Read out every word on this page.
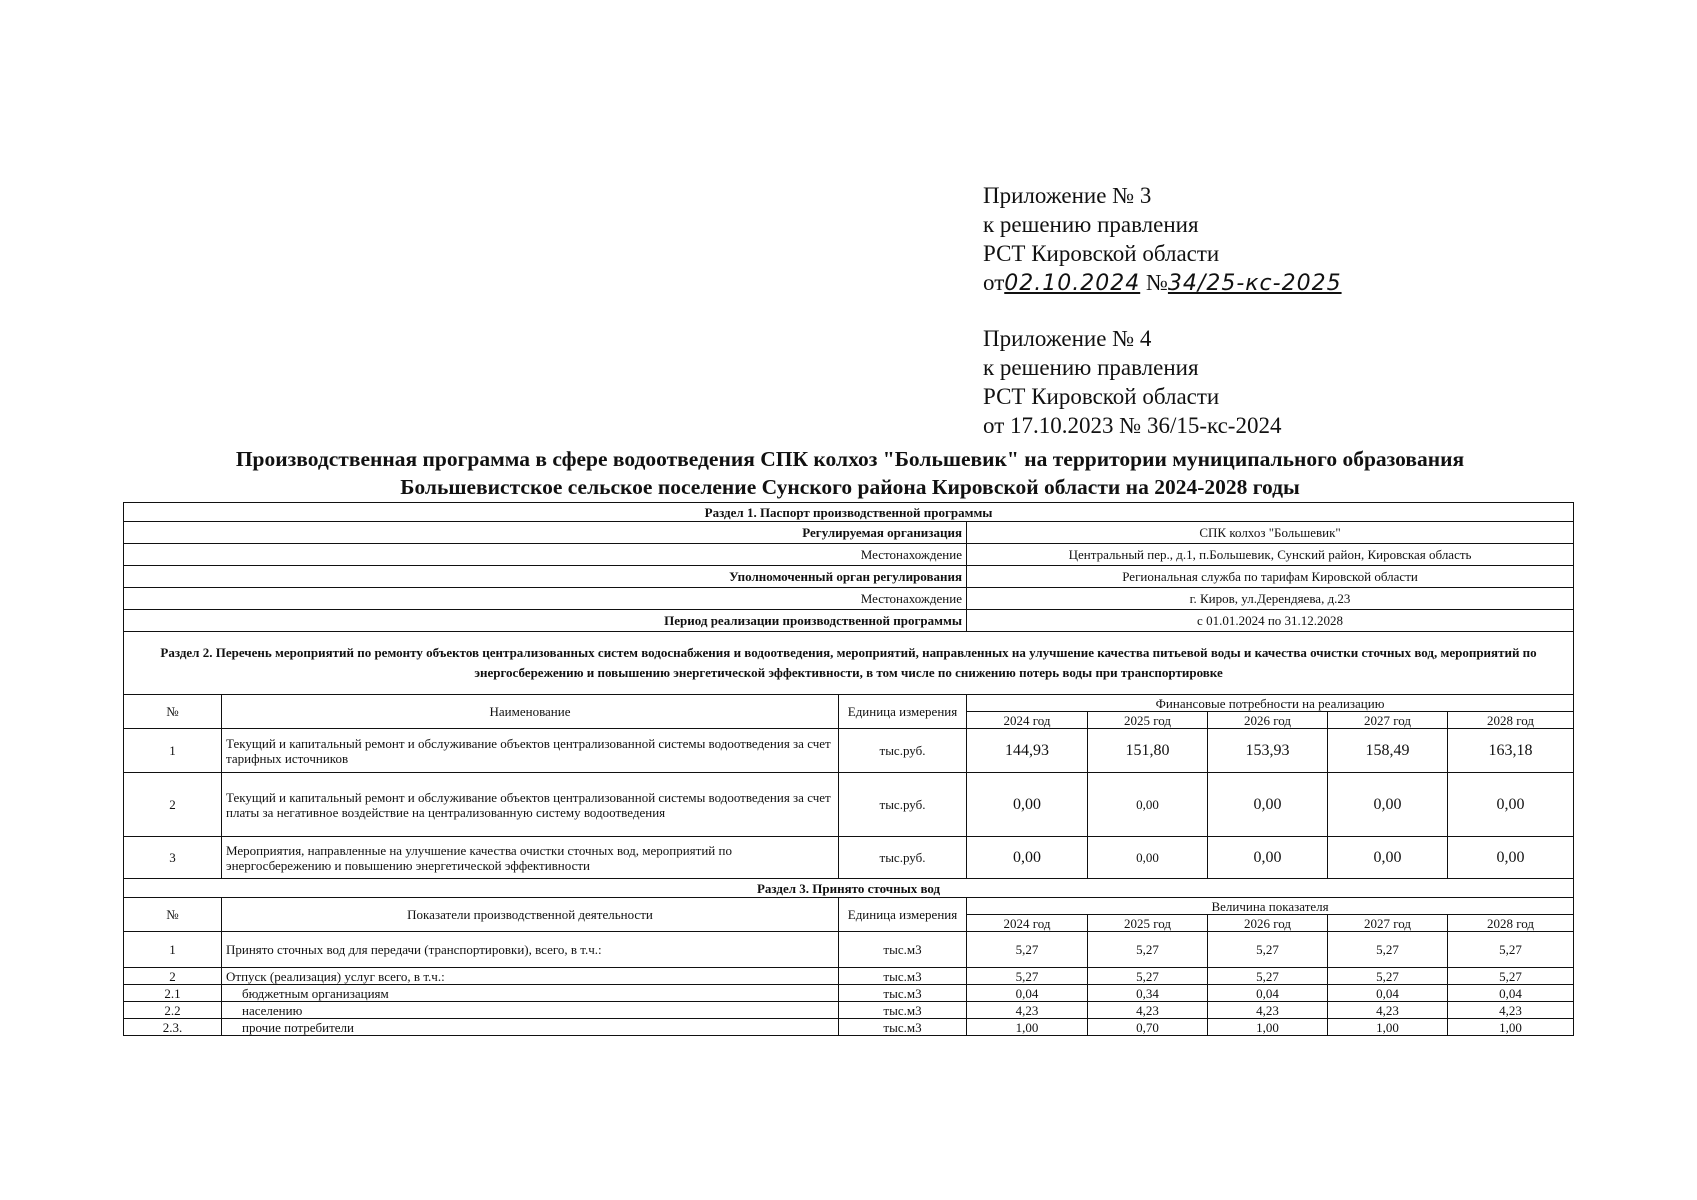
Приложение № 3
к решению правления
РСТ Кировской области
от02.10.2024 №34/25-кс-2025
Приложение № 4
к решению правления
РСТ Кировской области
от 17.10.2023 № 36/15-кс-2024
Производственная программа в сфере водоотведения СПК колхоз "Большевик" на территории муниципального образования
Большевистское сельское поселение Сунского района Кировской области на 2024-2028 годы
Раздел 1. Паспорт производственной программы							
Регулируемая организация			СПК колхоз "Большевик"				
Местонахождение			Центральный пер., д.1, п.Большевик, Сунский район, Кировская область				
Уполномоченный орган регулирования			Региональная служба по тарифам Кировской области				
Местонахождение			г. Киров, ул.Дерендяева, д.23				
Период реализации производственной программы			с 01.01.2024 по 31.12.2028				
Раздел 2. Перечень мероприятий по ремонту объектов централизованных систем водоснабжения и водоотведения, мероприятий, направленных на улучшение качества питьевой воды и качества очистки сточных вод, мероприятий по энергосбережению и повышению энергетической эффективности, в том числе по снижению потерь воды при транспортировке							
№	Наименование	Единица измерения	Финансовые потребности на реализацию				
			2024 год	2025 год	2026 год	2027 год	2028 год
1	Текущий и капитальный ремонт и обслуживание объектов централизованной системы водоотведения за счет тарифных источников	тыс.руб.	144,93	151,80	153,93	158,49	163,18
2	Текущий и капитальный ремонт и обслуживание объектов централизованной системы водоотведения за счет платы за негативное воздействие на централизованную систему водоотведения	тыс.руб.	0,00	0,00	0,00	0,00	0,00
3	Мероприятия, направленные на улучшение качества очистки сточных вод, мероприятий по энергосбережению и повышению энергетической эффективности	тыс.руб.	0,00	0,00	0,00	0,00	0,00
Раздел 3. Принято сточных вод							
№	Показатели производственной деятельности	Единица измерения	Величина показателя				
			2024 год	2025 год	2026 год	2027 год	2028 год
1	Принято сточных вод для передачи (транспортировки), всего, в т.ч.:	тыс.м3	5,27	5,27	5,27	5,27	5,27
2	Отпуск (реализация) услуг всего, в т.ч.:	тыс.м3	5,27	5,27	5,27	5,27	5,27
2.1	бюджетным организациям	тыс.м3	0,04	0,34	0,04	0,04	0,04
2.2	населению	тыс.м3	4,23	4,23	4,23	4,23	4,23
2.3.	прочие потребители	тыс.м3	1,00	0,70	1,00	1,00	1,00
